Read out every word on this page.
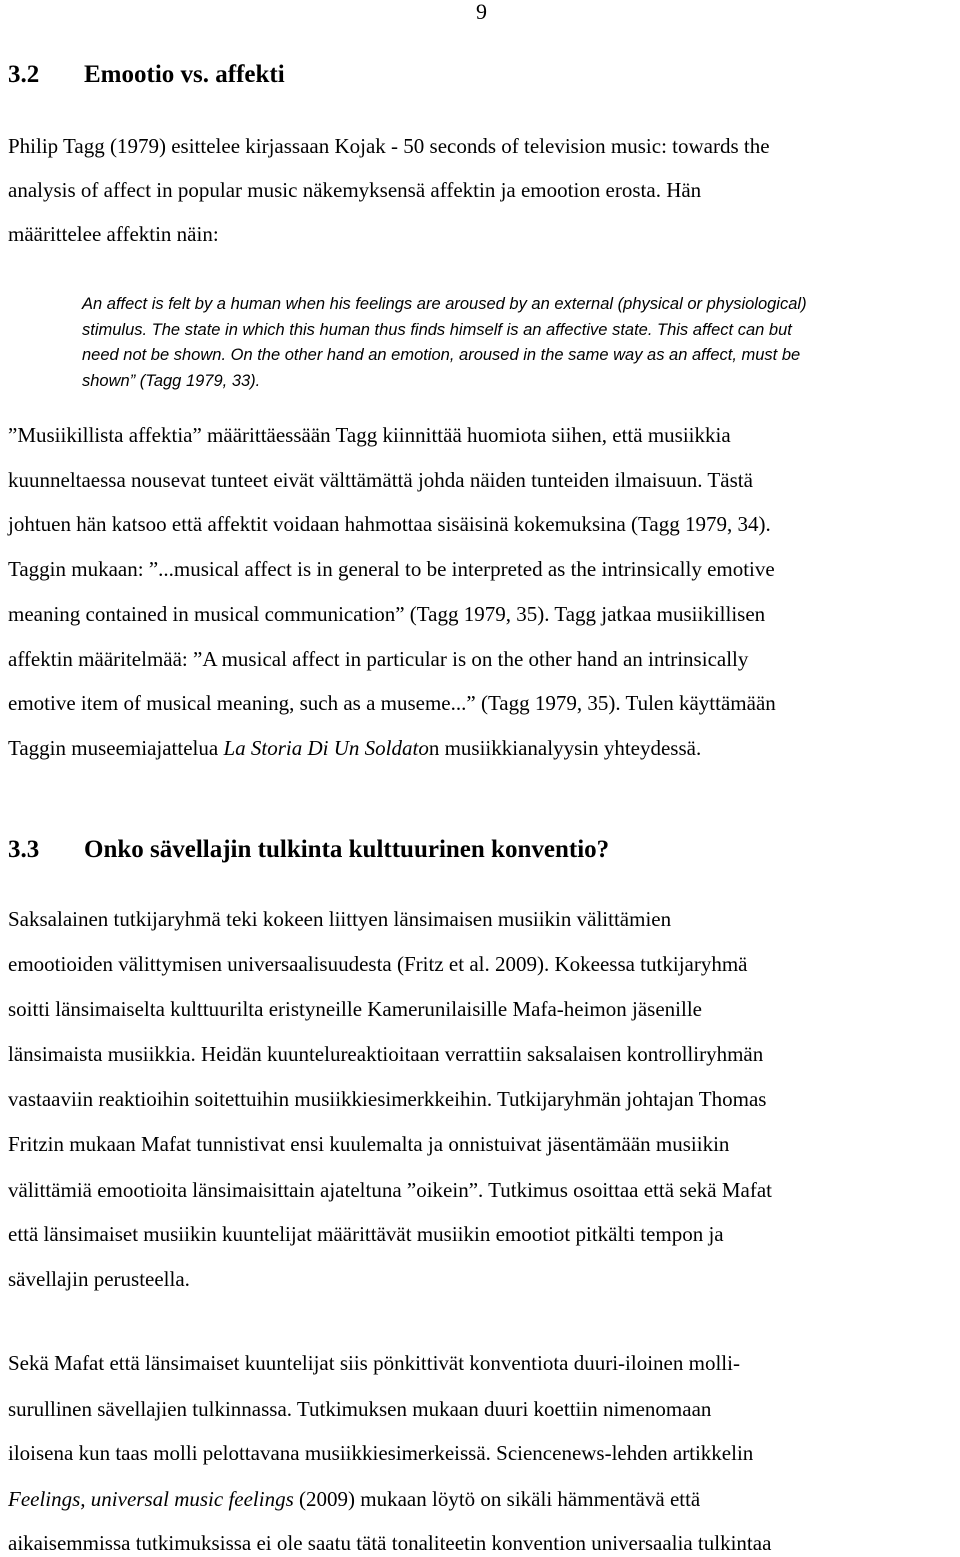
9
3.2 Emootio vs. affekti
Philip Tagg (1979) esittelee kirjassaan Kojak - 50 seconds of television music: towards the
analysis of affect in popular music näkemyksensä affektin ja emootion erosta. Hän
määrittelee affektin näin:
An affect is felt by a human when his feelings are aroused by an external (physical or physiological)
stimulus. The state in which this human thus finds himself is an affective state. This affect can but
need not be shown. On the other hand an emotion, aroused in the same way as an affect, must be
shown” (Tagg 1979, 33).
”Musiikillista affektia” määrittäessään Tagg kiinnittää huomiota siihen, että musiikkia
kuunneltaessa nousevat tunteet eivät välttämättä johda näiden tunteiden ilmaisuun. Tästä
johtuen hän katsoo että affektit voidaan hahmottaa sisäisinä kokemuksina (Tagg 1979, 34).
Taggin mukaan: ”...musical affect is in general to be interpreted as the intrinsically emotive
meaning contained in musical communication” (Tagg 1979, 35). Tagg jatkaa musiikillisen
affektin määritelmää: ”A musical affect in particular is on the other hand an intrinsically
emotive item of musical meaning, such as a museme...” (Tagg 1979, 35). Tulen käyttämään
Taggin museemiajattelua La Storia Di Un Soldaton musiikkianalyysin yhteydessä.
3.3 Onko sävellajin tulkinta kulttuurinen konventio?
Saksalainen tutkijaryhmä teki kokeen liittyen länsimaisen musiikin välittämien
emootioiden välittymisen universaalisuudesta (Fritz et al. 2009). Kokeessa tutkijaryhmä
soitti länsimaiselta kulttuurilta eristyneille Kamerunilaisille Mafa-heimon jäsenille
länsimaista musiikkia. Heidän kuuntelureaktioitaan verrattiin saksalaisen kontrolliryhmän
vastaaviin reaktioihin soitettuihin musiikkiesimerkkeihin. Tutkijaryhmän johtajan Thomas
Fritzin mukaan Mafat tunnistivat ensi kuulemalta ja onnistuivat jäsentämään musiikin
välittämiä emootioita länsimaisittain ajateltuna ”oikein”. Tutkimus osoittaa että sekä Mafat
että länsimaiset musiikin kuuntelijat määrittävät musiikin emootiot pitkälti tempon ja
sävellajin perusteella.
Sekä Mafat että länsimaiset kuuntelijat siis pönkittivät konventiota duuri-iloinen molli-
surullinen sävellajien tulkinnassa. Tutkimuksen mukaan duuri koettiin nimenomaan
iloisena kun taas molli pelottavana musiikkiesimerkeissä. Sciencenews-lehden artikkelin
Feelings, universal music feelings (2009) mukaan löytö on sikäli hämmentävä että
aikaisemmissa tutkimuksissa ei ole saatu tätä tonaliteetin konvention universaalia tulkintaa
